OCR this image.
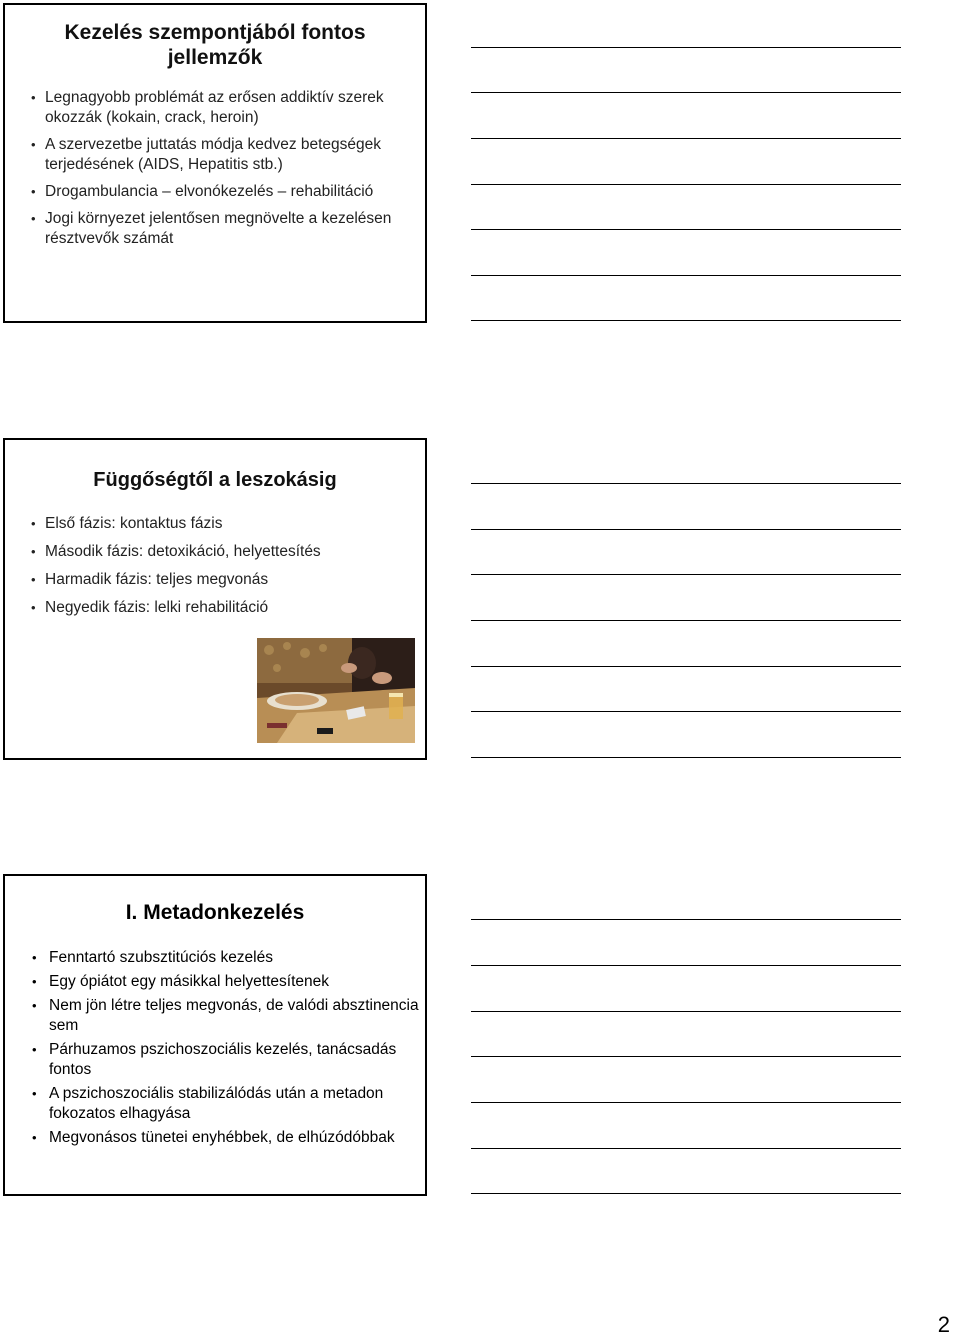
Kezelés szempontjából fontos jellemzők
• Legnagyobb problémát az erősen addiktív szerek okozzák (kokain, crack, heroin)
• A szervezetbe juttatás módja kedvez betegségek terjedésének (AIDS, Hepatitis stb.)
• Drogambulancia – elvonókezelés – rehabilitáció
• Jogi környezet jelentősen megnövelte a kezelésen résztvevők számát
Függőségtől a leszokásig
• Első fázis: kontaktus fázis
• Második fázis: detoxikáció, helyettesítés
• Harmadik fázis: teljes megvonás
• Negyedik fázis: lelki rehabilitáció
I. Metadonkezelés
• Fenntartó szubsztitúciós kezelés
• Egy ópiátot egy másikkal helyettesítenek
• Nem jön létre teljes megvonás, de valódi absztinencia sem
• Párhuzamos pszichoszociális kezelés, tanácsadás fontos
• A pszichoszociális stabilizálódás után a metadon fokozatos elhagyása
• Megvonásos tünetei enyhébbek, de elhúzódóbbak
2
